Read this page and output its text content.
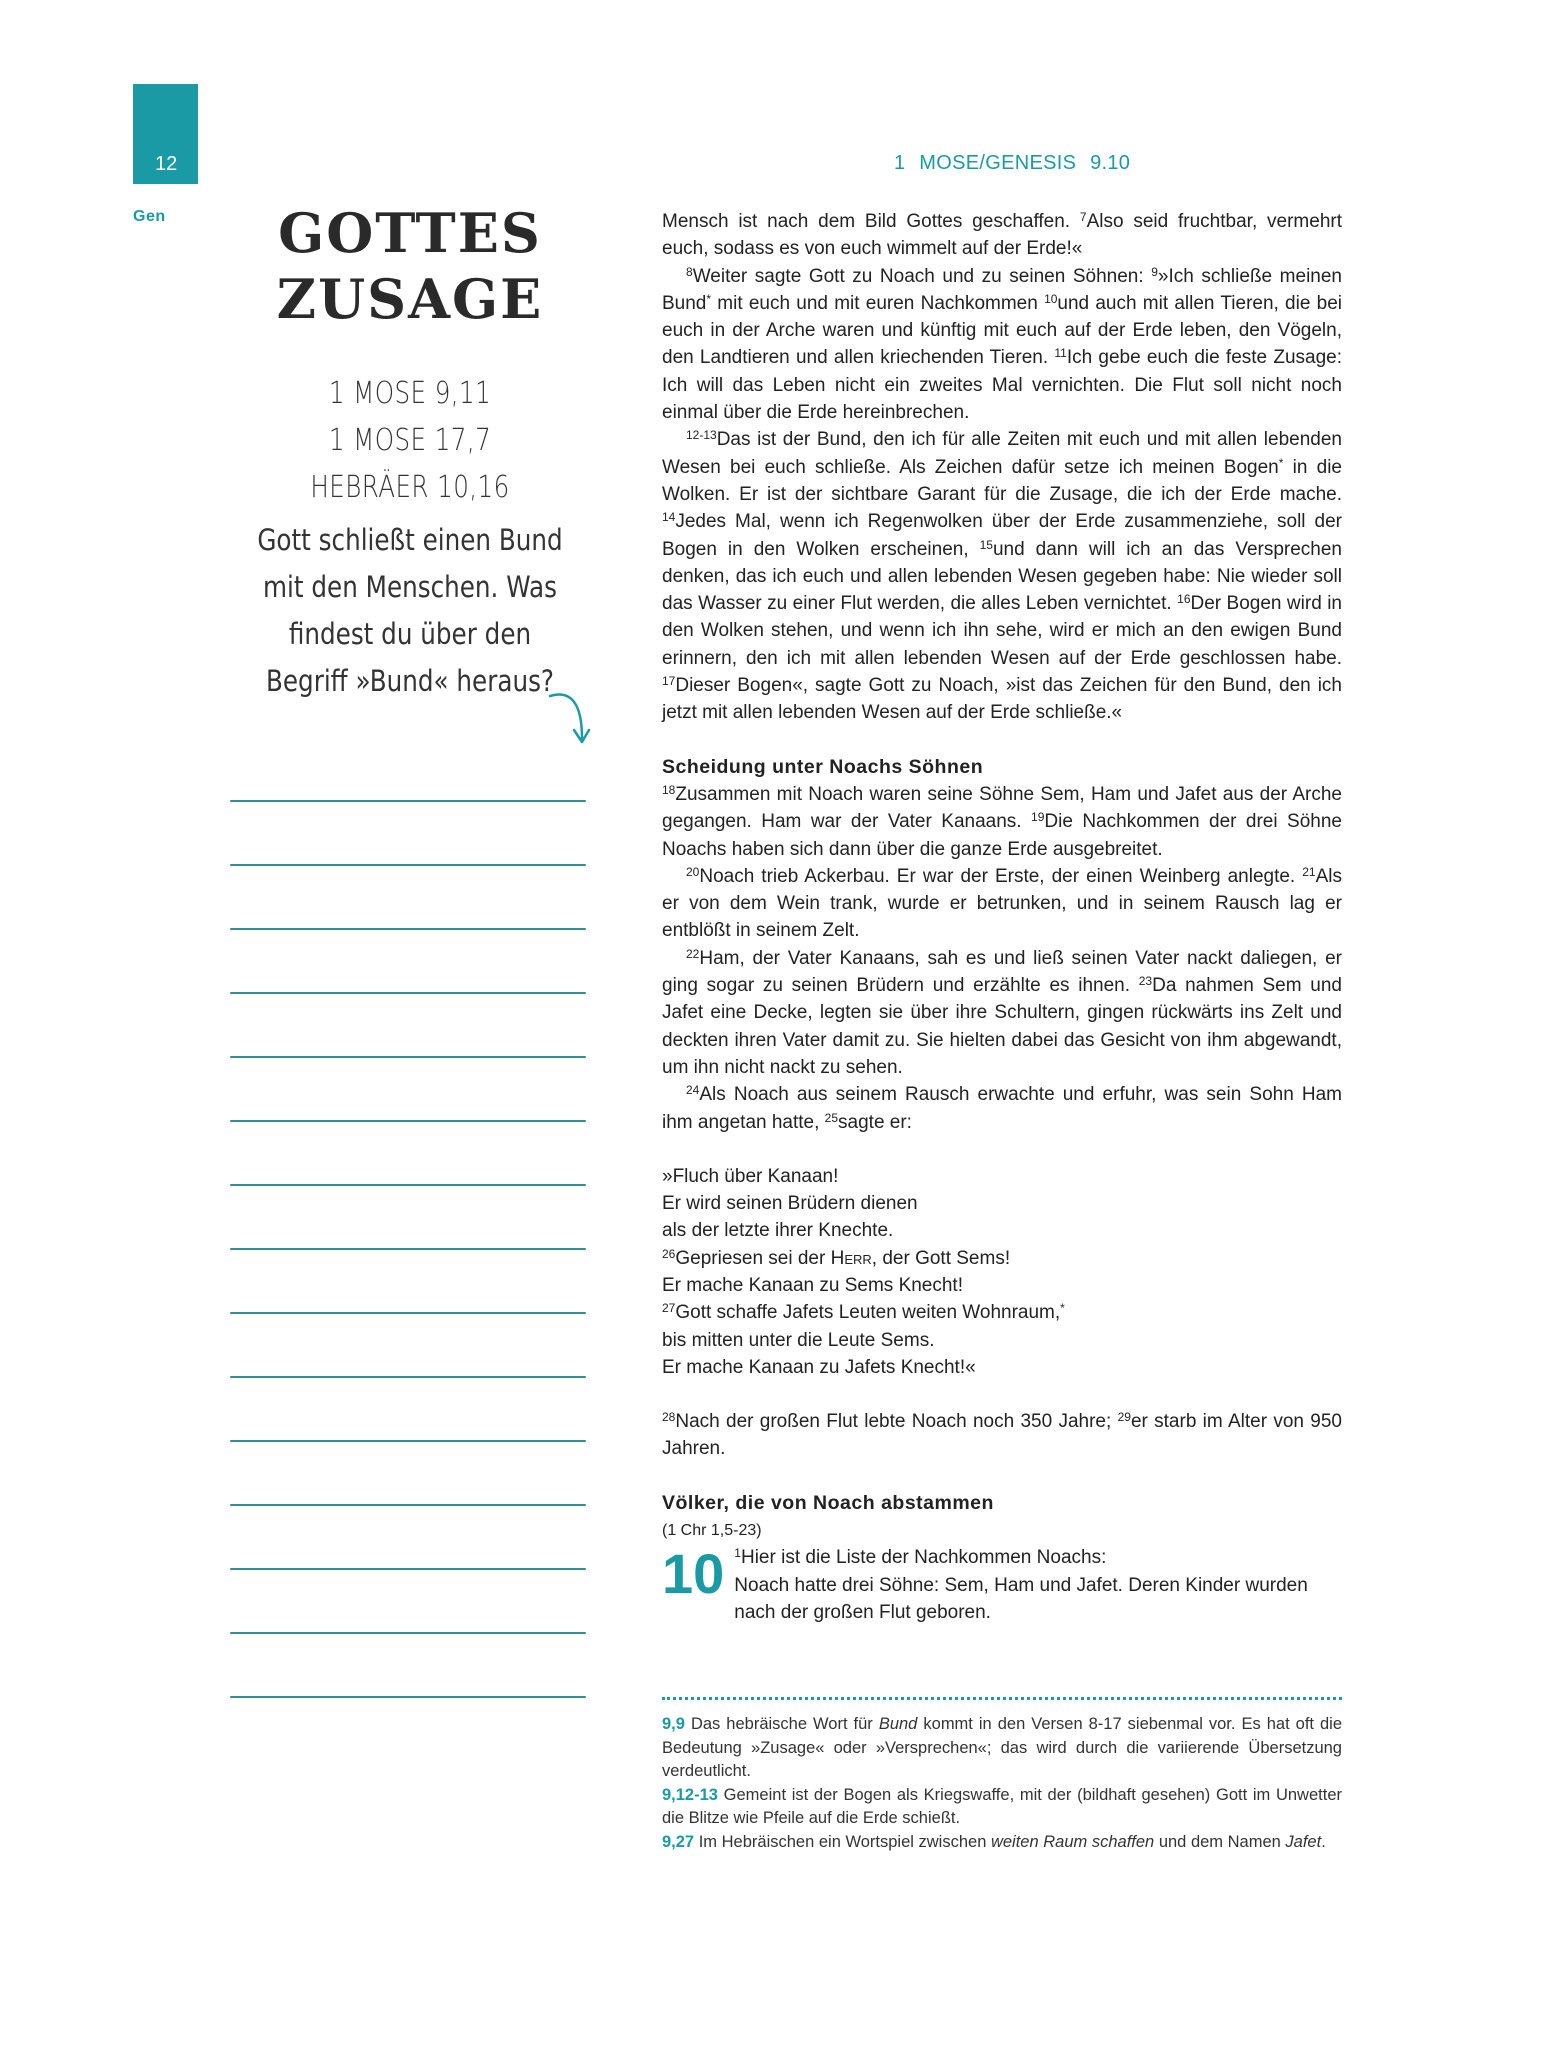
12
Gen
1 MOSE/GENESIS 9.10
GOTTES
ZUSAGE
1 MOSE 9,11
1 MOSE 17,7
HEBRÄER 10,16
Gott schließt einen Bund
mit den Menschen. Was
findest du über den
Begriff »Bund« heraus?

Mensch ist nach dem Bild Gottes geschaffen. $^7$Also seid fruchtbar, vermehrt euch, sodass es von euch wimmelt auf der Erde!«

$^8$Weiter sagte Gott zu Noach und zu seinen Söhnen: $^9$»Ich schließe meinen Bund* mit euch und mit euren Nachkommen $^{10}$und auch mit allen Tieren, die bei euch in der Arche waren und künftig mit euch auf der Erde leben, den Vögeln, den Landtieren und allen kriechenden Tieren. $^{11}$Ich gebe euch die feste Zusage: Ich will das Leben nicht ein zweites Mal vernichten. Die Flut soll nicht noch einmal über die Erde hereinbrechen.

$^{12-13}$Das ist der Bund, den ich für alle Zeiten mit euch und mit allen lebenden Wesen bei euch schließe. Als Zeichen dafür setze ich meinen Bogen* in die Wolken. Er ist der sichtbare Garant für die Zusage, die ich der Erde mache. $^{14}$Jedes Mal, wenn ich Regenwolken über der Erde zusammenziehe, soll der Bogen in den Wolken erscheinen, $^{15}$und dann will ich an das Versprechen denken, das ich euch und allen lebenden Wesen gegeben habe: Nie wieder soll das Wasser zu einer Flut werden, die alles Leben vernichtet. $^{16}$Der Bogen wird in den Wolken stehen, und wenn ich ihn sehe, wird er mich an den ewigen Bund erinnern, den ich mit allen lebenden Wesen auf der Erde geschlossen habe. $^{17}$Dieser Bogen«, sagte Gott zu Noach, »ist das Zeichen für den Bund, den ich jetzt mit allen lebenden Wesen auf der Erde schließe.«

Scheidung unter Noachs Söhnen

$^{18}$Zusammen mit Noach waren seine Söhne Sem, Ham und Jafet aus der Arche gegangen. Ham war der Vater Kanaans. $^{19}$Die Nachkommen der drei Söhne Noachs haben sich dann über die ganze Erde ausgebreitet.

$^{20}$Noach trieb Ackerbau. Er war der Erste, der einen Weinberg anlegte. $^{21}$Als er von dem Wein trank, wurde er betrunken, und in seinem Rausch lag er entblößt in seinem Zelt.

$^{22}$Ham, der Vater Kanaans, sah es und ließ seinen Vater nackt daliegen, er ging sogar zu seinen Brüdern und erzählte es ihnen. $^{23}$Da nahmen Sem und Jafet eine Decke, legten sie über ihre Schultern, gingen rückwärts ins Zelt und deckten ihren Vater damit zu. Sie hielten dabei das Gesicht von ihm abgewandt, um ihn nicht nackt zu sehen.

$^{24}$Als Noach aus seinem Rausch erwachte und erfuhr, was sein Sohn Ham ihm angetan hatte, $^{25}$sagte er:

»Fluch über Kanaan!
Er wird seinen Brüdern dienen
als der letzte ihrer Knechte.
$^{26}$Gepriesen sei der Herr, der Gott Sems!
Er mache Kanaan zu Sems Knecht!
$^{27}$Gott schaffe Jafets Leuten weiten Wohnraum,*
bis mitten unter die Leute Sems.
Er mache Kanaan zu Jafets Knecht!«

$^{28}$Nach der großen Flut lebte Noach noch 350 Jahre; $^{29}$er starb im Alter von 950 Jahren.

Völker, die von Noach abstammen
(1 Chr 1,5-23)
10 $^1$Hier ist die Liste der Nachkommen Noachs:
Noach hatte drei Söhne: Sem, Ham und Jafet. Deren Kinder wurden nach der großen Flut geboren.

9,9 Das hebräische Wort für Bund kommt in den Versen 8-17 siebenmal vor. Es hat oft die Bedeutung »Zusage« oder »Versprechen«; das wird durch die variierende Übersetzung verdeutlicht.

9,12-13 Gemeint ist der Bogen als Kriegswaffe, mit der (bildhaft gesehen) Gott im Unwetter die Blitze wie Pfeile auf die Erde schießt.

9,27 Im Hebräischen ein Wortspiel zwischen weiten Raum schaffen und dem Namen Jafet.
